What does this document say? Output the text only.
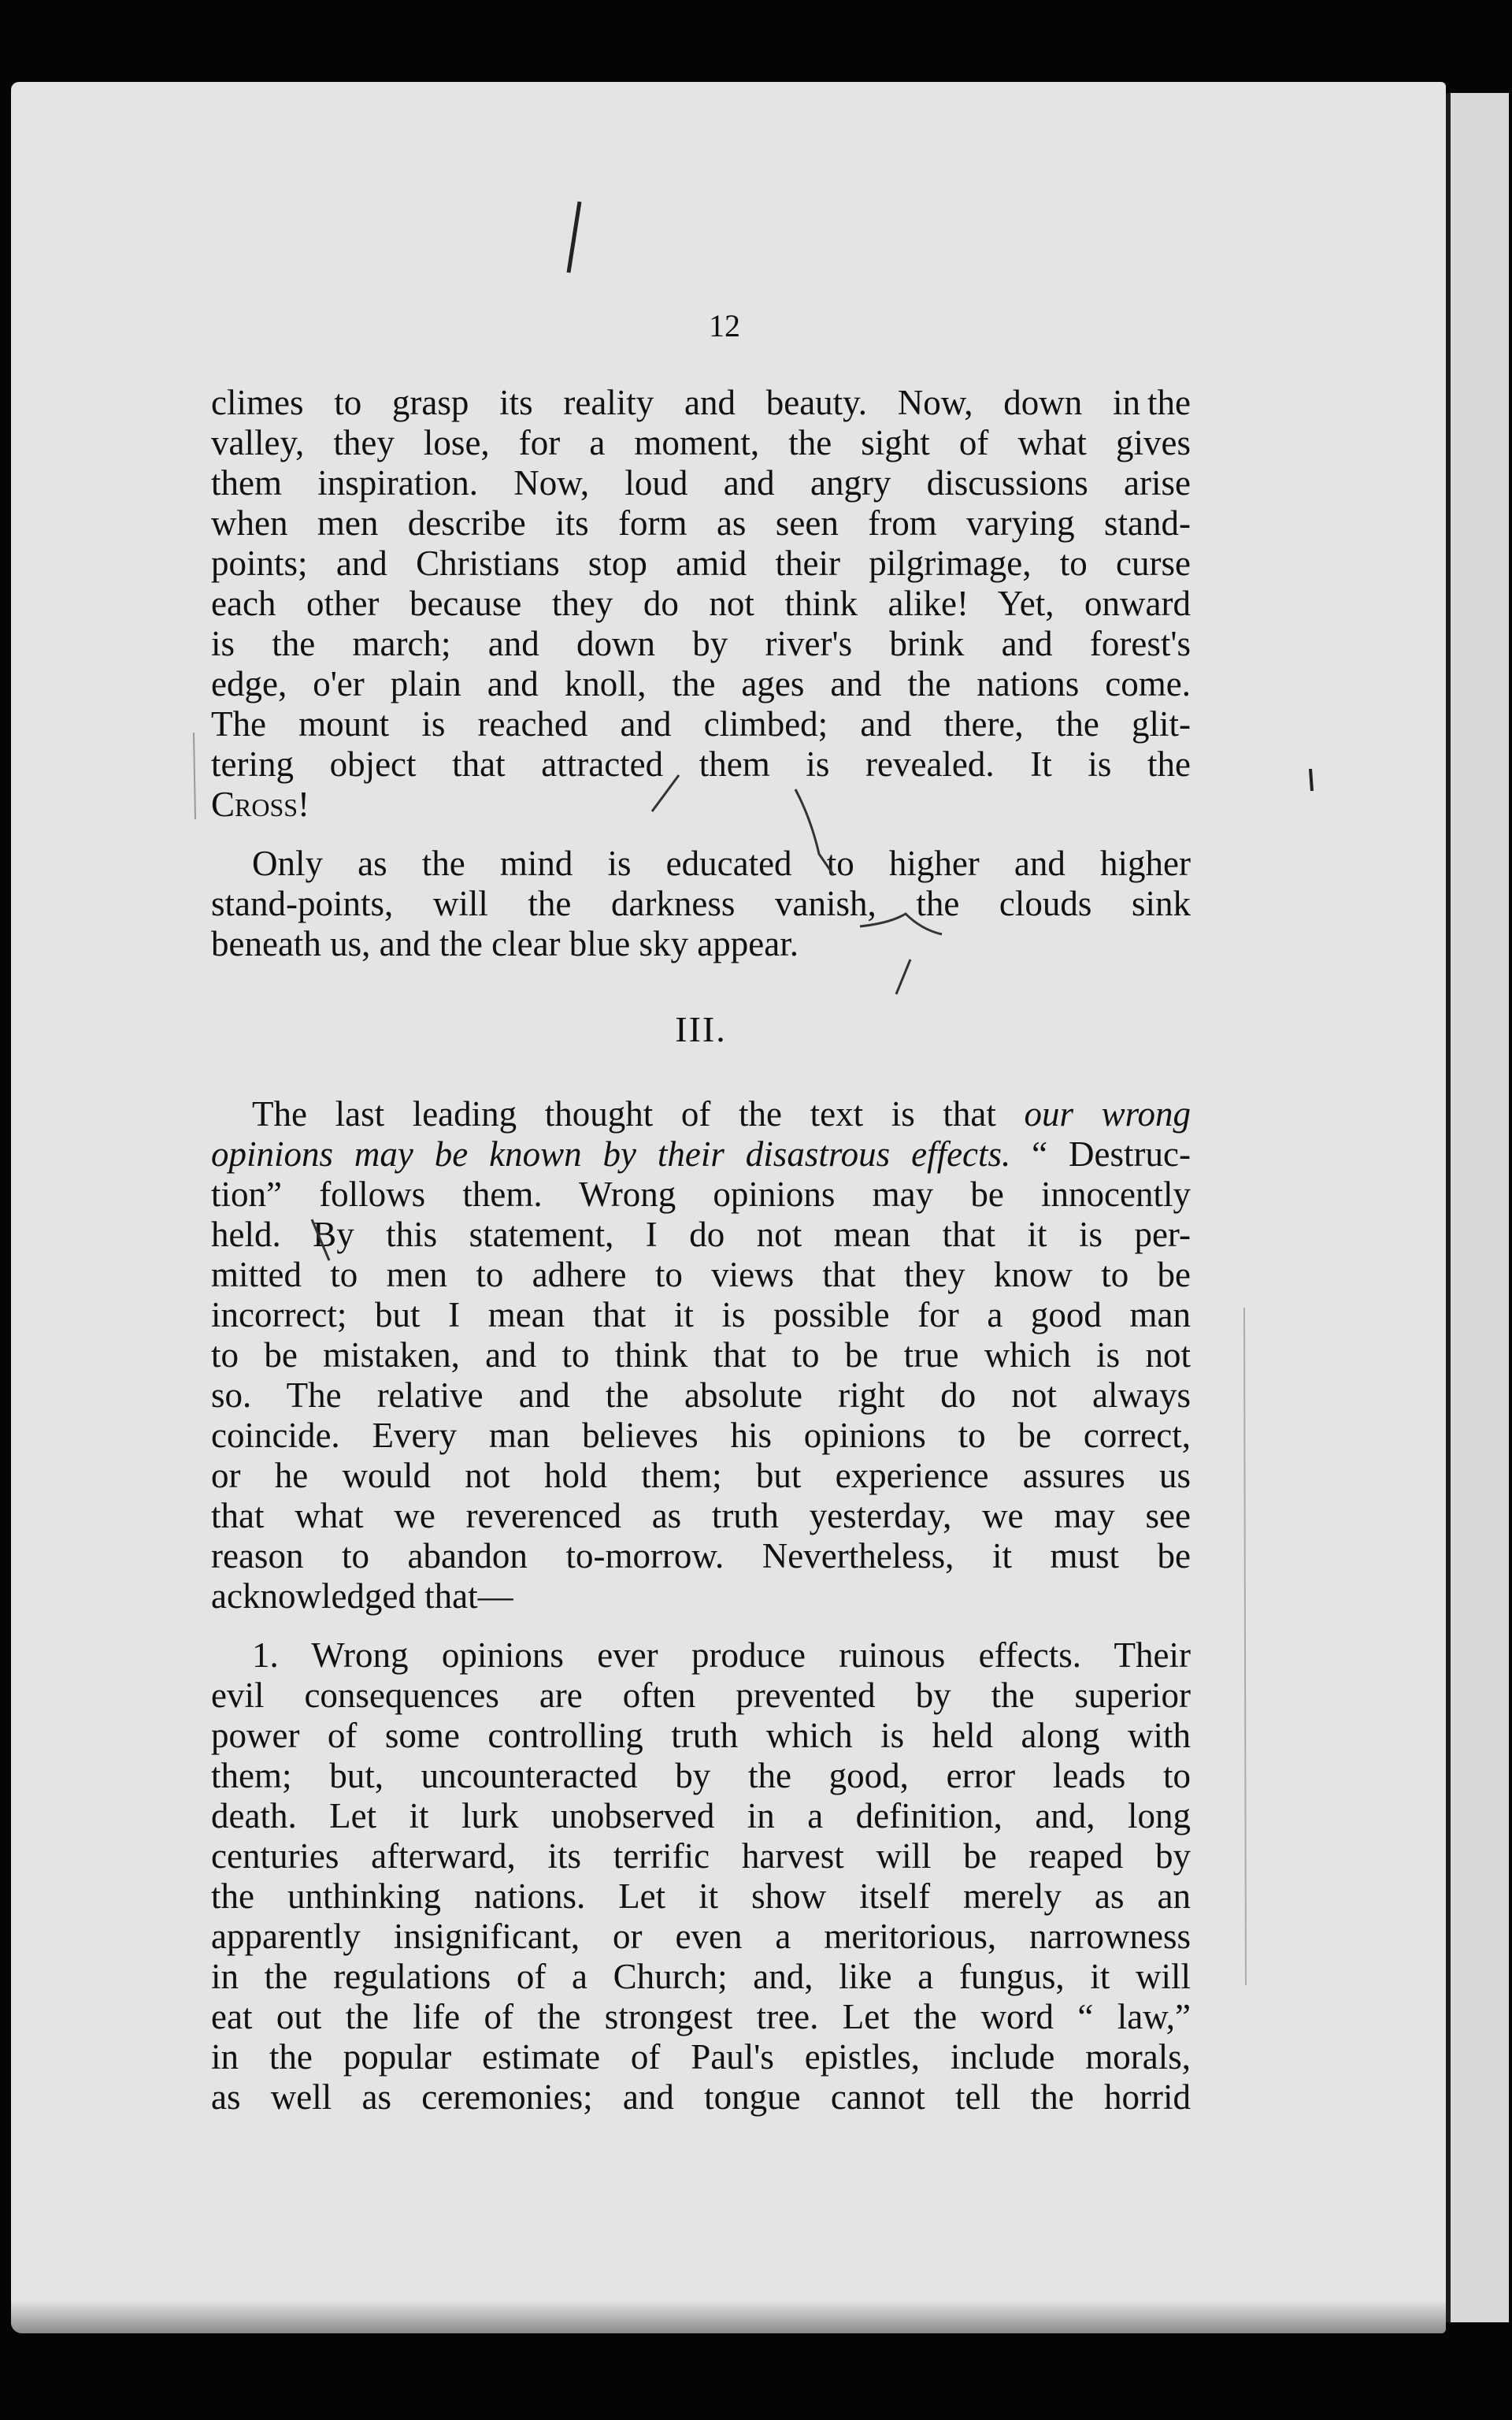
12
climes to grasp its reality and beauty. Now, down in the
valley, they lose, for a moment, the sight of what gives
them inspiration. Now, loud and angry discussions arise
when men describe its form as seen from varying stand-
points; and Christians stop amid their pilgrimage, to curse
each other because they do not think alike! Yet, onward
is the march; and down by river's brink and forest's
edge, o'er plain and knoll, the ages and the nations come.
The mount is reached and climbed; and there, the glit-
tering object that attracted them is revealed. It is the
Cross!
Only as the mind is educated to higher and higher
stand-points, will the darkness vanish, the clouds sink
beneath us, and the clear blue sky appear.
III.
The last leading thought of the text is that our wrong
opinions may be known by their disastrous effects. “ Destruc-
tion” follows them. Wrong opinions may be innocently
held. By this statement, I do not mean that it is per-
mitted to men to adhere to views that they know to be
incorrect; but I mean that it is possible for a good man
to be mistaken, and to think that to be true which is not
so. The relative and the absolute right do not always
coincide. Every man believes his opinions to be correct,
or he would not hold them; but experience assures us
that what we reverenced as truth yesterday, we may see
reason to abandon to-morrow. Nevertheless, it must be
acknowledged that—
1. Wrong opinions ever produce ruinous effects. Their
evil consequences are often prevented by the superior
power of some controlling truth which is held along with
them; but, uncounteracted by the good, error leads to
death. Let it lurk unobserved in a definition, and, long
centuries afterward, its terrific harvest will be reaped by
the unthinking nations. Let it show itself merely as an
apparently insignificant, or even a meritorious, narrowness
in the regulations of a Church; and, like a fungus, it will
eat out the life of the strongest tree. Let the word “ law,”
in the popular estimate of Paul's epistles, include morals,
as well as ceremonies; and tongue cannot tell the horrid
